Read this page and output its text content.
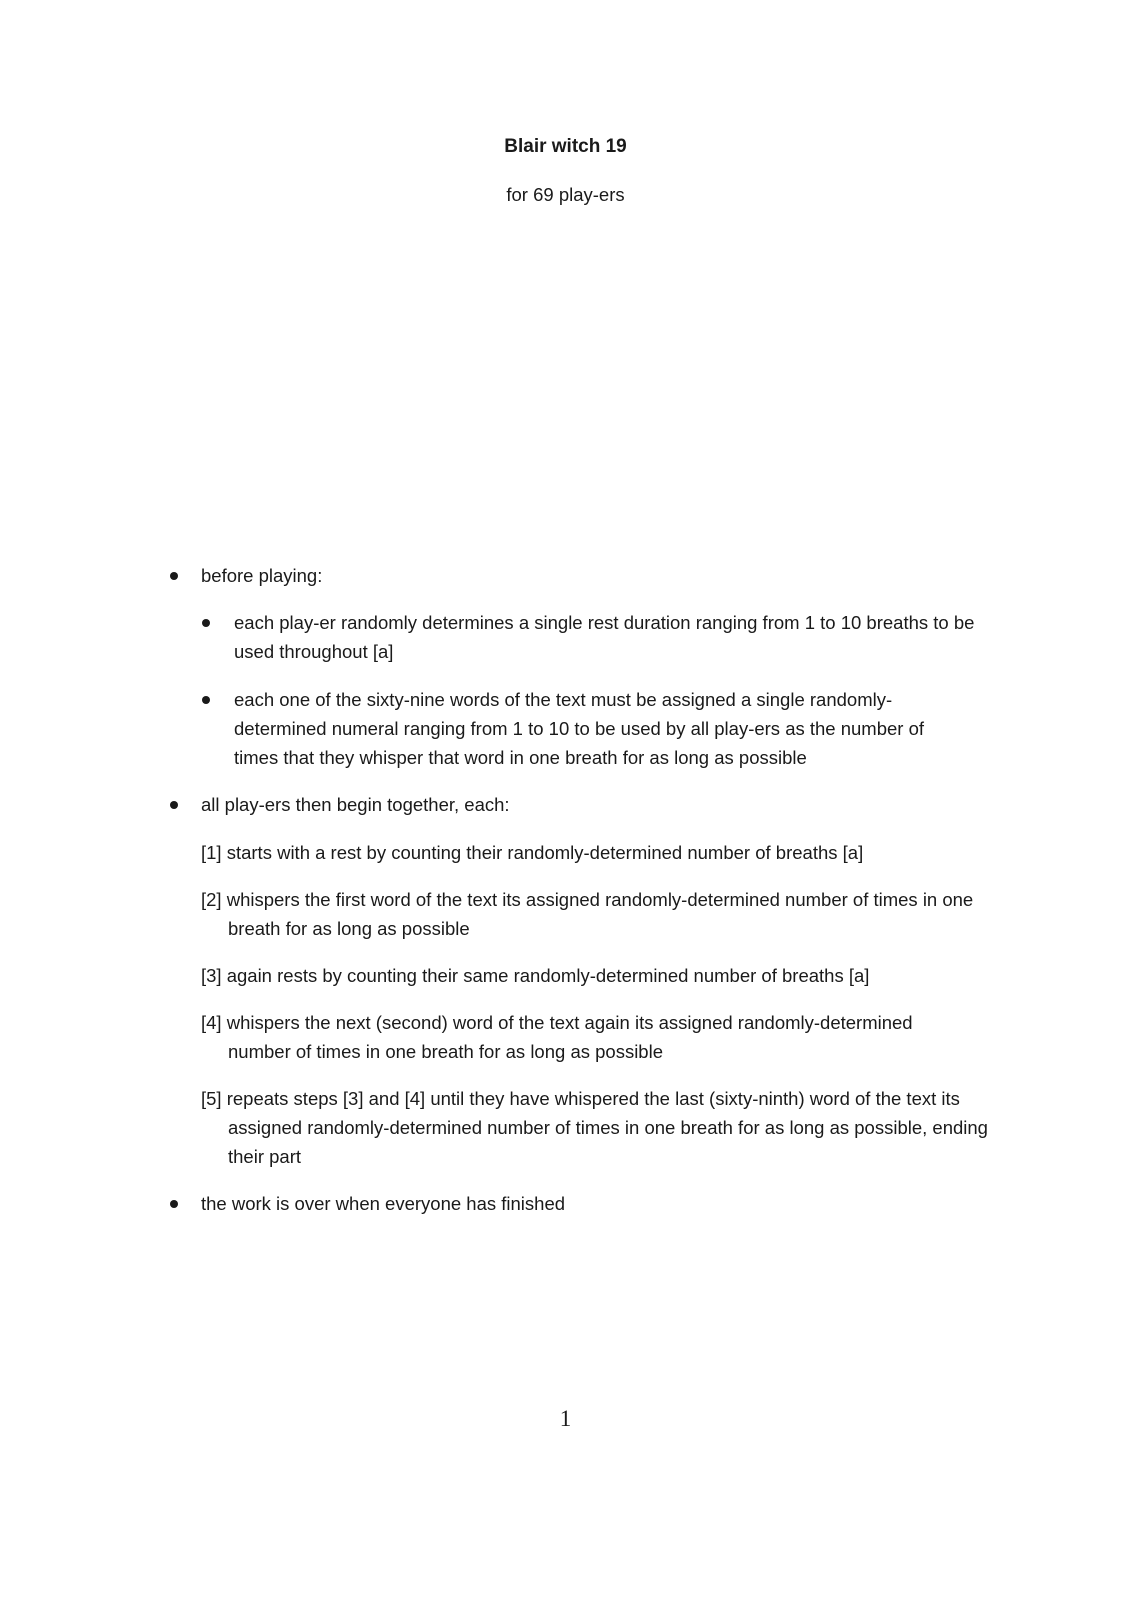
Blair witch 19
for 69 play-ers

before playing:

each play-er randomly determines a single rest duration ranging from 1 to 10 breaths to be used throughout [a]

each one of the sixty-nine words of the text must be assigned a single randomly-determined numeral ranging from 1 to 10 to be used by all play-ers as the number of times that they whisper that word in one breath for as long as possible

all play-ers then begin together, each:

[1] starts with a rest by counting their randomly-determined number of breaths [a]

[2] whispers the first word of the text its assigned randomly-determined number of times in one breath for as long as possible

[3] again rests by counting their same randomly-determined number of breaths [a]

[4] whispers the next (second) word of the text again its assigned randomly-determined number of times in one breath for as long as possible

[5] repeats steps [3] and [4] until they have whispered the last (sixty-ninth) word of the text its assigned randomly-determined number of times in one breath for as long as possible, ending their part

the work is over when everyone has finished

1
